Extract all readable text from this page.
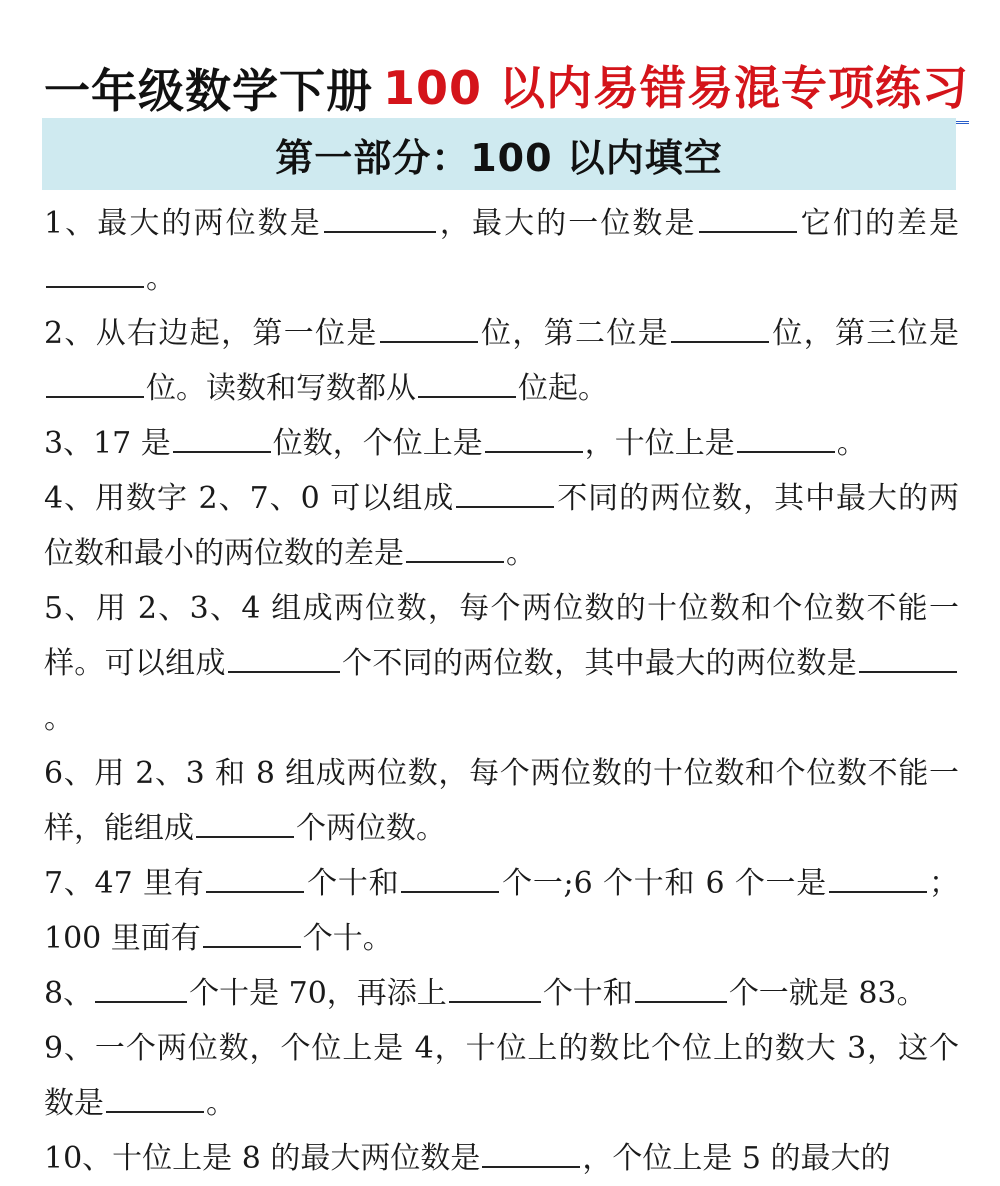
一年级数学下册 100 以内易错易混专项练习
第一部分：100 以内填空

1、最大的两位数是	，最大的一位数是	它们的差是。

2、从右边起，第一位是	位，第二位是	位，第三位是位。读数和写数都从	位起。

3、17 是	位数，个位上是	，十位上是	。

4、用数字 2、7、0 可以组成	不同的两位数，其中最大的两位数和最小的两位数的差是	。

5、用 2、3、4 组成两位数，每个两位数的十位数和个位数不能一样。可以组成	个不同的两位数，其中最大的两位数是。

6、用 2、3 和 8 组成两位数，每个两位数的十位数和个位数不能一样，能组成	个两位数。

7、47 里有	个十和	个一;6 个十和 6 个一是	；100 里面有	个十。

8、	个十是 70，再添上	个十和	个一就是 83。

9、一个两位数，个位上是 4，十位上的数比个位上的数大 3，这个数是	。

10、十位上是 8 的最大两位数是	，个位上是 5 的最大的
